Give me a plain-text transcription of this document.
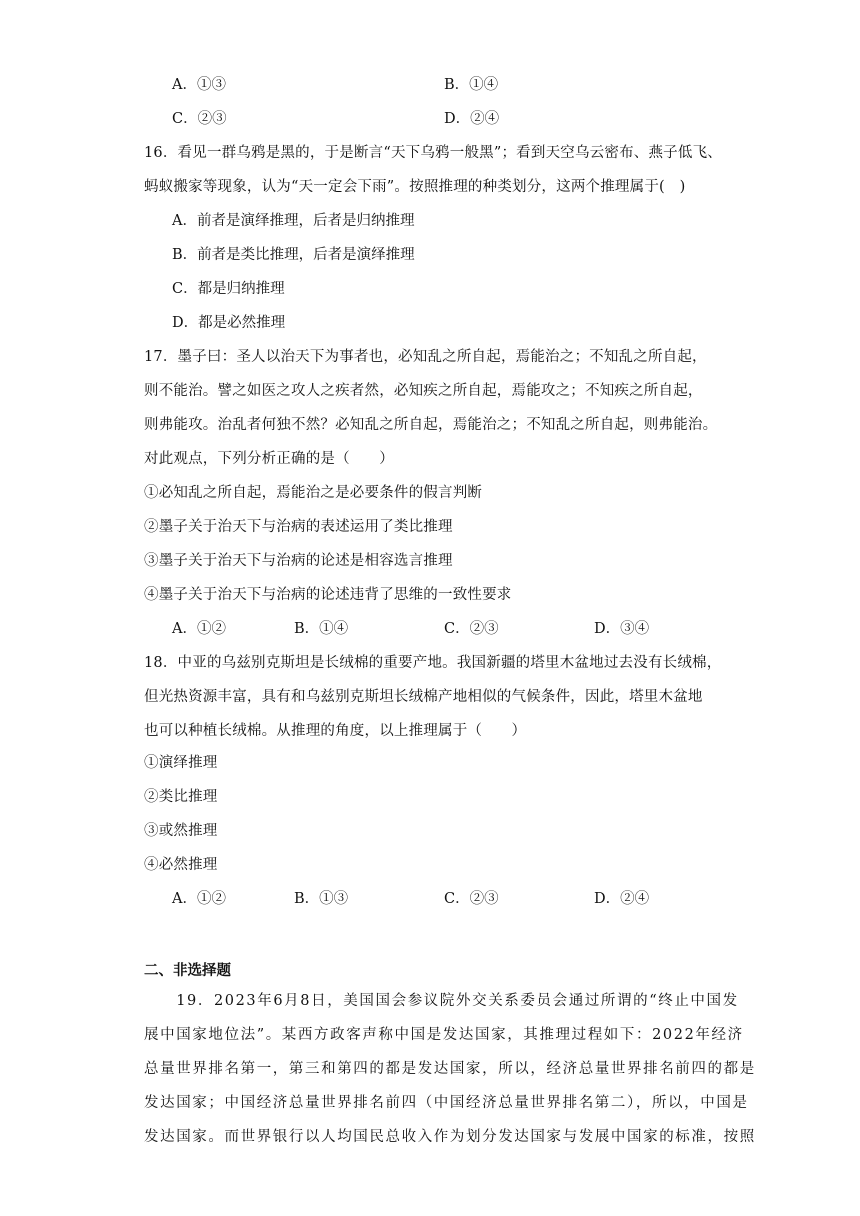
A．①③	B．①④
C．②③	D．②④
16．看见一群乌鸦是黑的，于是断言“天下乌鸦一般黑”；看到天空乌云密布、燕子低飞、
蚂蚁搬家等现象，认为“天一定会下雨”。按照推理的种类划分，这两个推理属于(　)
A．前者是演绎推理，后者是归纳推理
B．前者是类比推理，后者是演绎推理
C．都是归纳推理
D．都是必然推理
17．墨子曰：圣人以治天下为事者也，必知乱之所自起，焉能治之；不知乱之所自起，
则不能治。譬之如医之攻人之疾者然，必知疾之所自起，焉能攻之；不知疾之所自起，
则弗能攻。治乱者何独不然？必知乱之所自起，焉能治之；不知乱之所自起，则弗能治。
对此观点，下列分析正确的是（　　）
①必知乱之所自起，焉能治之是必要条件的假言判断
②墨子关于治天下与治病的表述运用了类比推理
③墨子关于治天下与治病的论述是相容选言推理
④墨子关于治天下与治病的论述违背了思维的一致性要求
A．①②	B．①④	C．②③	D．③④
18．中亚的乌兹别克斯坦是长绒棉的重要产地。我国新疆的塔里木盆地过去没有长绒棉，
但光热资源丰富，具有和乌兹别克斯坦长绒棉产地相似的气候条件，因此，塔里木盆地
也可以种植长绒棉。从推理的角度，以上推理属于（　　）
①演绎推理
②类比推理
③或然推理
④必然推理
A．①②	B．①③	C．②③	D．②④
二、非选择题
　　19．2023年6月8日，美国国会参议院外交关系委员会通过所谓的“终止中国发
展中国家地位法”。某西方政客声称中国是发达国家，其推理过程如下：2022年经济
总量世界排名第一，第三和第四的都是发达国家，所以，经济总量世界排名前四的都是
发达国家；中国经济总量世界排名前四（中国经济总量世界排名第二），所以，中国是
发达国家。而世界银行以人均国民总收入作为划分发达国家与发展中国家的标准，按照
